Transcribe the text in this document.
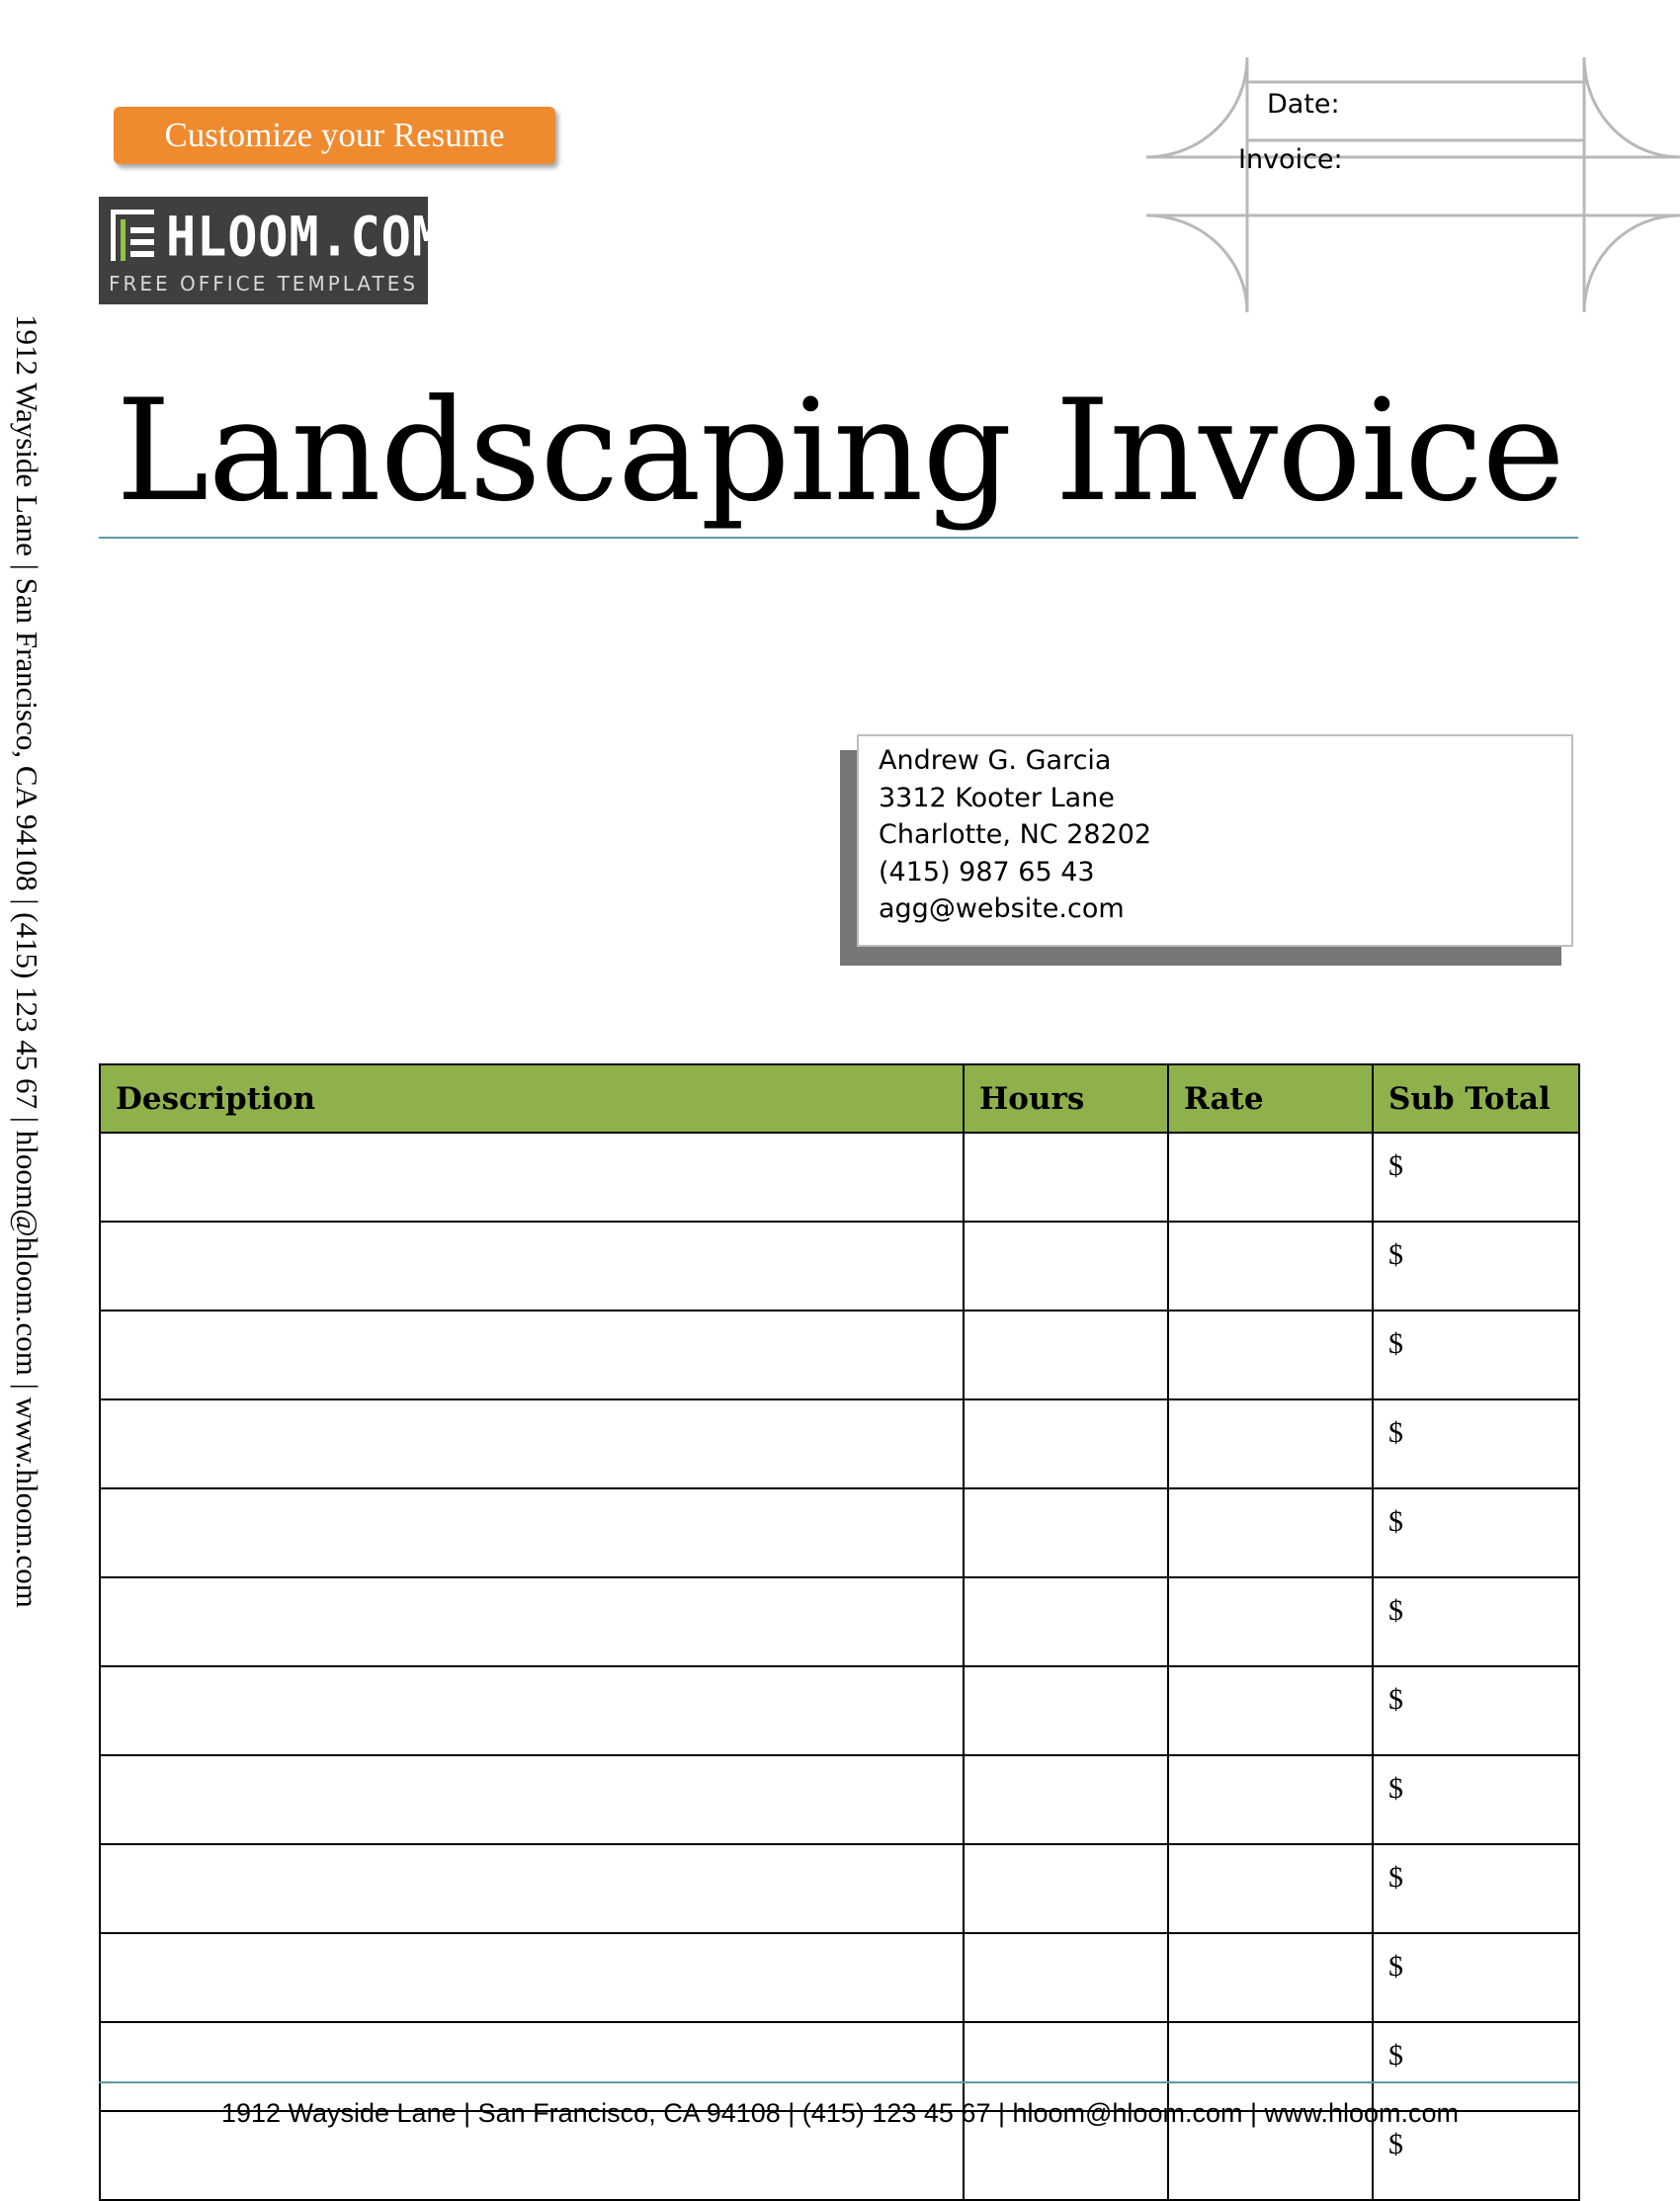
Customize your Resume
HLOOM.COM
FREE OFFICE TEMPLATES
Date:
Invoice:
Landscaping Invoice
Andrew G. Garcia
3312 Kooter Lane
Charlotte, NC 28202
(415) 987 65 43
agg@website.com
Description	Hours	Rate	Sub Total
			$
			$
			$
			$
			$
			$
			$
			$
			$
			$
			$
			$
1912 Wayside Lane | San Francisco, CA 94108 | (415) 123 45 67 | hloom@hloom.com | www.hloom.com
1912 Wayside Lane | San Francisco, CA 94108 | (415) 123 45 67 | hloom@hloom.com | www.hloom.com
